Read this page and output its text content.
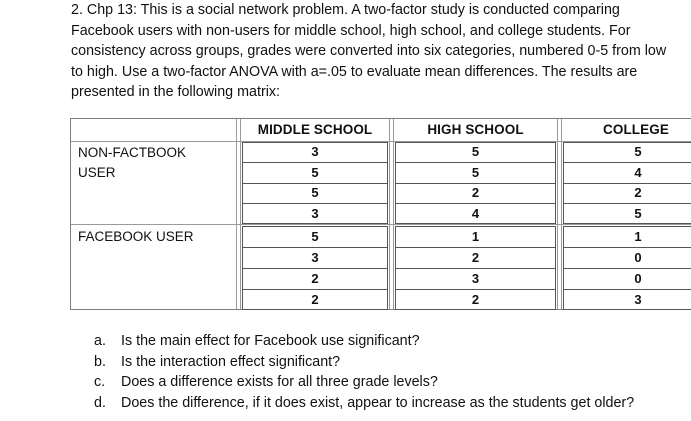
2. Chp 13: This is a social network problem. A two-factor study is conducted comparing
Facebook users with non-users for middle school, high school, and college students. For
consistency across groups, grades were converted into six categories, numbered 0-5 from low
to high. Use a two-factor ANOVA with a=.05 to evaluate mean differences. The results are
presented in the following matrix:
MIDDLE SCHOOL	HIGH SCHOOL	COLLEGE
NON-FACTBOOK
USER
FACEBOOK USER
3
5
5
3
5
5
2
4
5
4
2
5
5
3
2
2
1
2
3
2
1
0
0
3
a. Is the main effect for Facebook use significant?
b. Is the interaction effect significant?
c. Does a difference exists for all three grade levels?
d. Does the difference, if it does exist, appear to increase as the students get older?
